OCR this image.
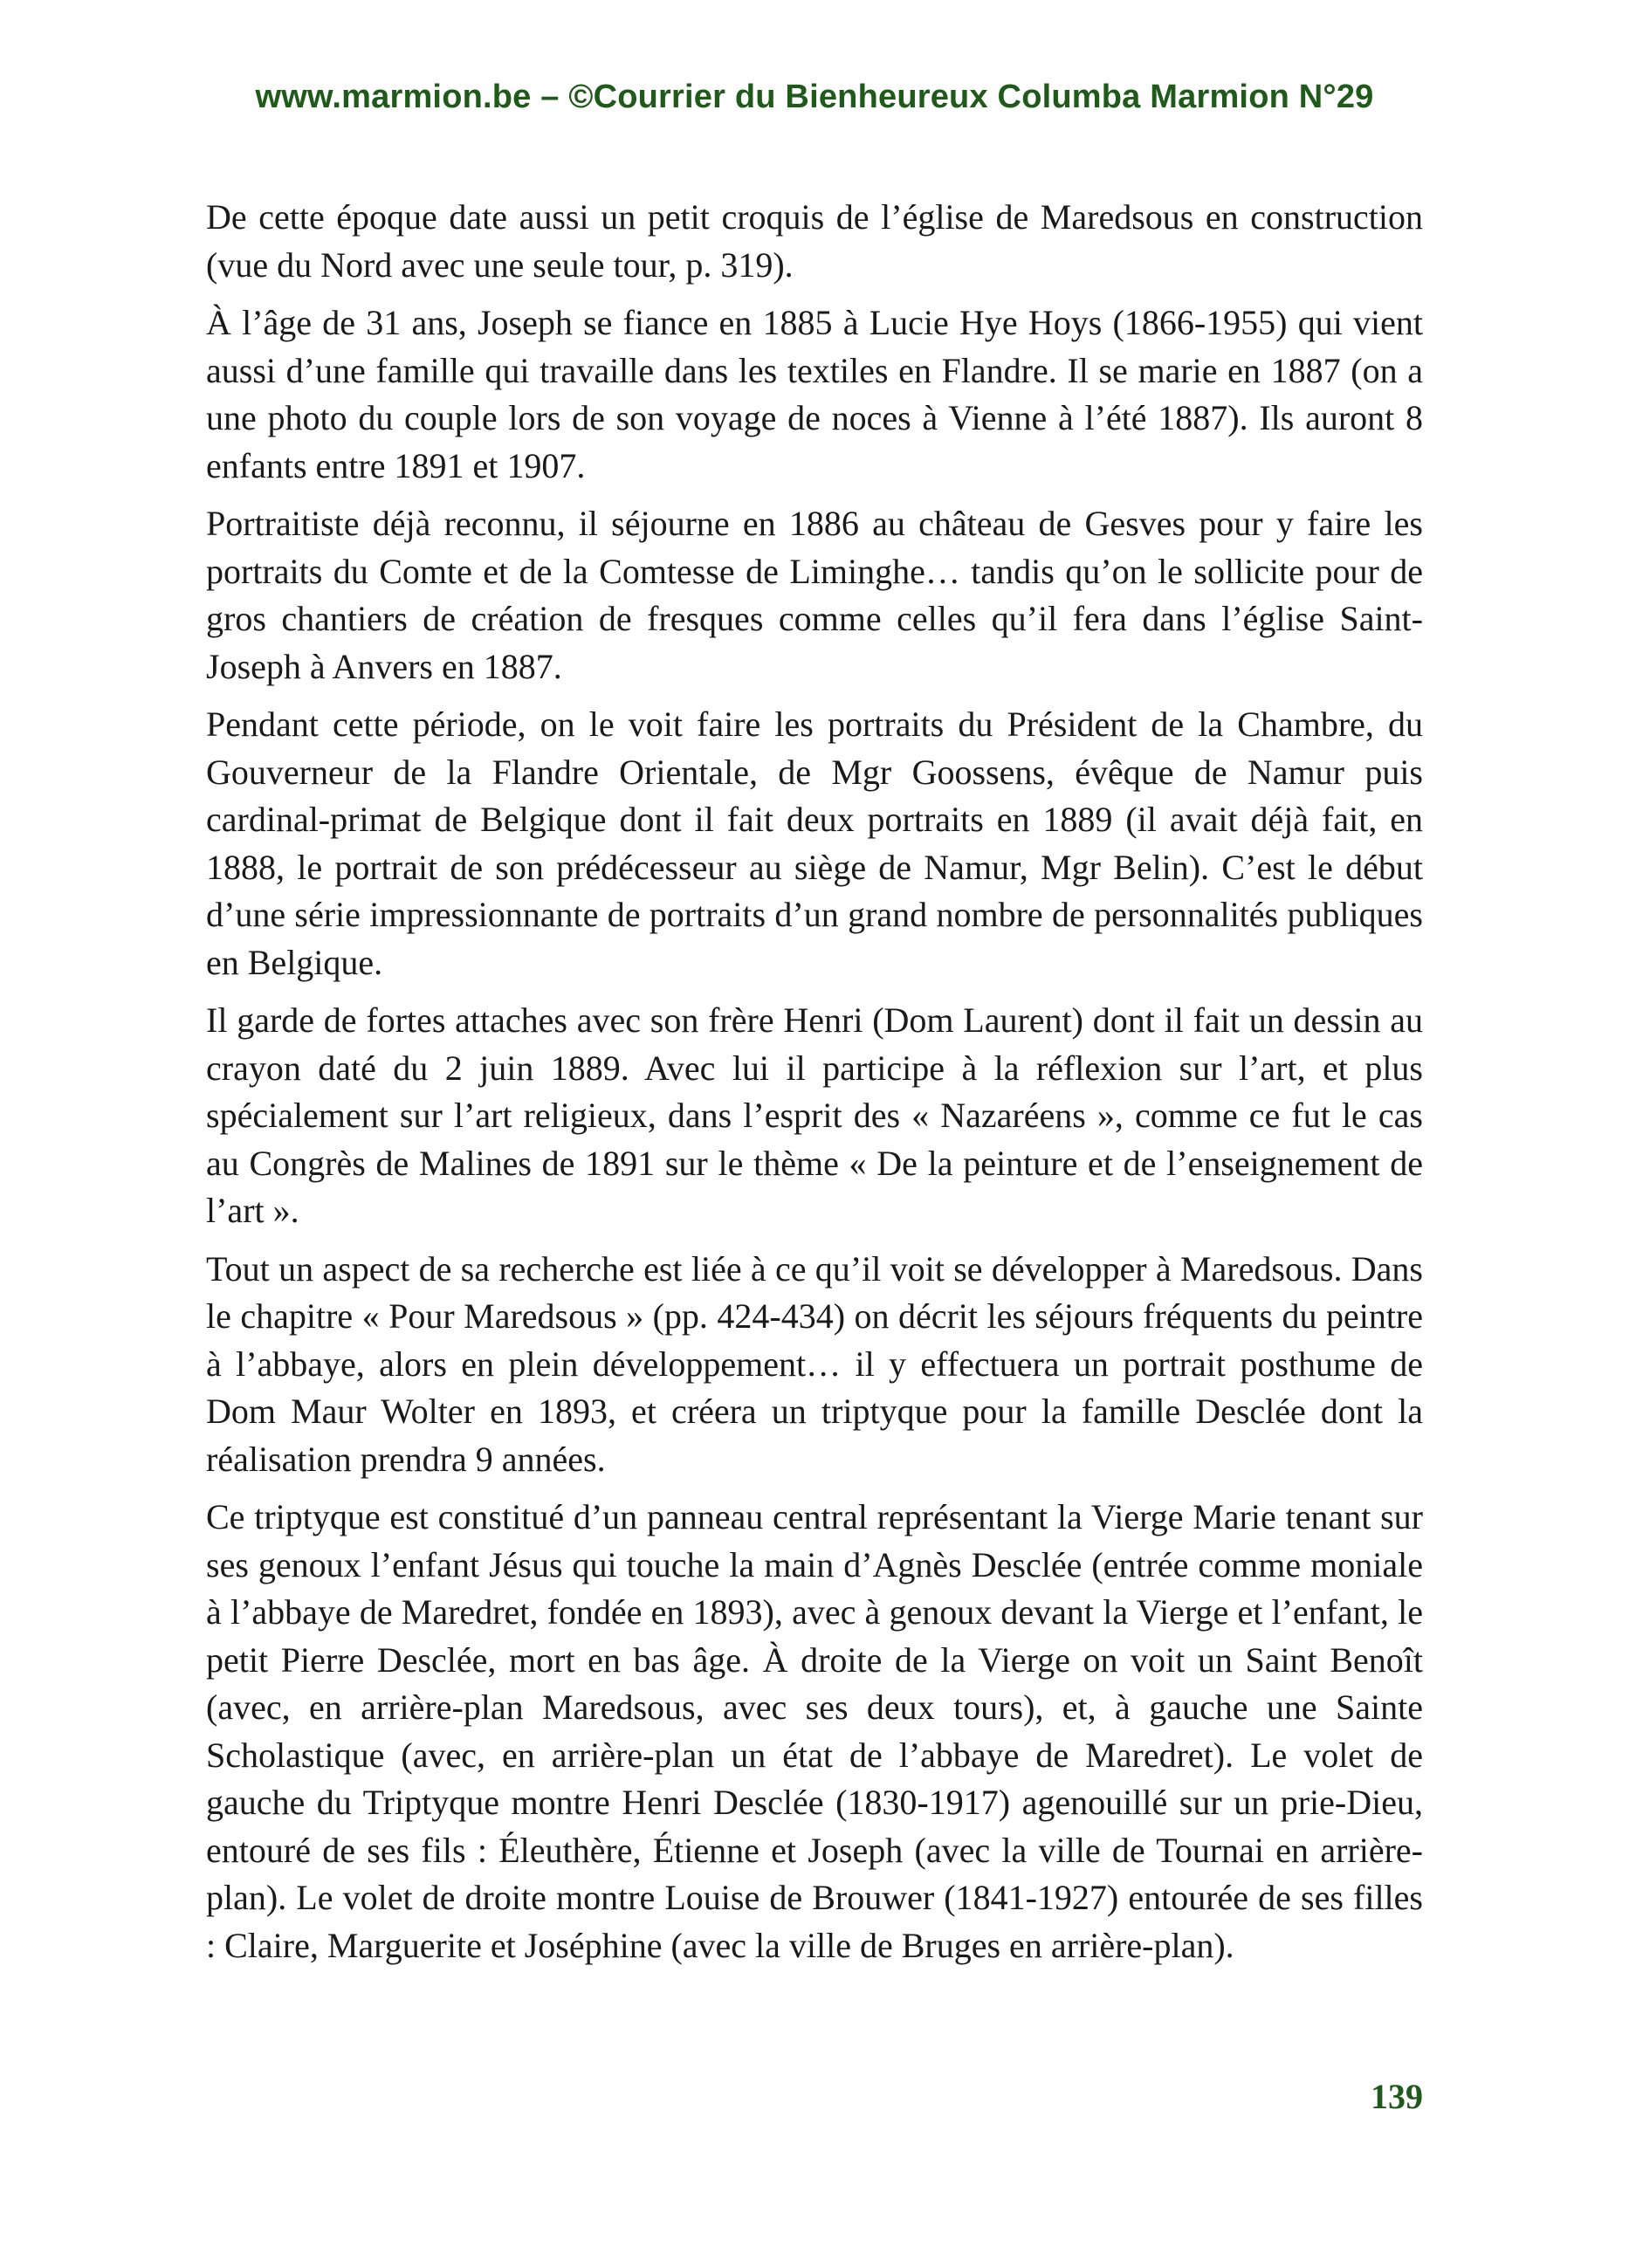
www.marmion.be – ©Courrier du Bienheureux Columba Marmion N°29

De cette époque date aussi un petit croquis de l’église de Maredsous en construction (vue du Nord avec une seule tour, p. 319).

À l’âge de 31 ans, Joseph se fiance en 1885 à Lucie Hye Hoys (1866-1955) qui vient aussi d’une famille qui travaille dans les textiles en Flandre. Il se marie en 1887 (on a une photo du couple lors de son voyage de noces à Vienne à l’été 1887). Ils auront 8 enfants entre 1891 et 1907.

Portraitiste déjà reconnu, il séjourne en 1886 au château de Gesves pour y faire les portraits du Comte et de la Comtesse de Liminghe… tandis qu’on le sollicite pour de gros chantiers de création de fresques comme celles qu’il fera dans l’église Saint-Joseph à Anvers en 1887.

Pendant cette période, on le voit faire les portraits du Président de la Chambre, du Gouverneur de la Flandre Orientale, de Mgr Goossens, évêque de Namur puis cardinal-primat de Belgique dont il fait deux portraits en 1889 (il avait déjà fait, en 1888, le portrait de son prédécesseur au siège de Namur, Mgr Belin). C’est le début d’une série impressionnante de portraits d’un grand nombre de personnalités publiques en Belgique.

Il garde de fortes attaches avec son frère Henri (Dom Laurent) dont il fait un dessin au crayon daté du 2 juin 1889. Avec lui il participe à la réflexion sur l’art, et plus spécialement sur l’art religieux, dans l’esprit des « Nazaréens », comme ce fut le cas au Congrès de Malines de 1891 sur le thème « De la peinture et de l’enseignement de l’art ».

Tout un aspect de sa recherche est liée à ce qu’il voit se développer à Maredsous. Dans le chapitre « Pour Maredsous » (pp. 424-434) on décrit les séjours fréquents du peintre à l’abbaye, alors en plein développement… il y effectuera un portrait posthume de Dom Maur Wolter en 1893, et créera un triptyque pour la famille Desclée dont la réalisation prendra 9 années.

Ce triptyque est constitué d’un panneau central représentant la Vierge Marie tenant sur ses genoux l’enfant Jésus qui touche la main d’Agnès Desclée (entrée comme moniale à l’abbaye de Maredret, fondée en 1893), avec à genoux devant la Vierge et l’enfant, le petit Pierre Desclée, mort en bas âge. À droite de la Vierge on voit un Saint Benoît (avec, en arrière-plan Maredsous, avec ses deux tours), et, à gauche une Sainte Scholastique (avec, en arrière-plan un état de l’abbaye de Maredret). Le volet de gauche du Triptyque montre Henri Desclée (1830-1917) agenouillé sur un prie-Dieu, entouré de ses fils : Éleuthère, Étienne et Joseph (avec la ville de Tournai en arrière-plan). Le volet de droite montre Louise de Brouwer (1841-1927) entourée de ses filles : Claire, Marguerite et Joséphine (avec la ville de Bruges en arrière-plan).

139
